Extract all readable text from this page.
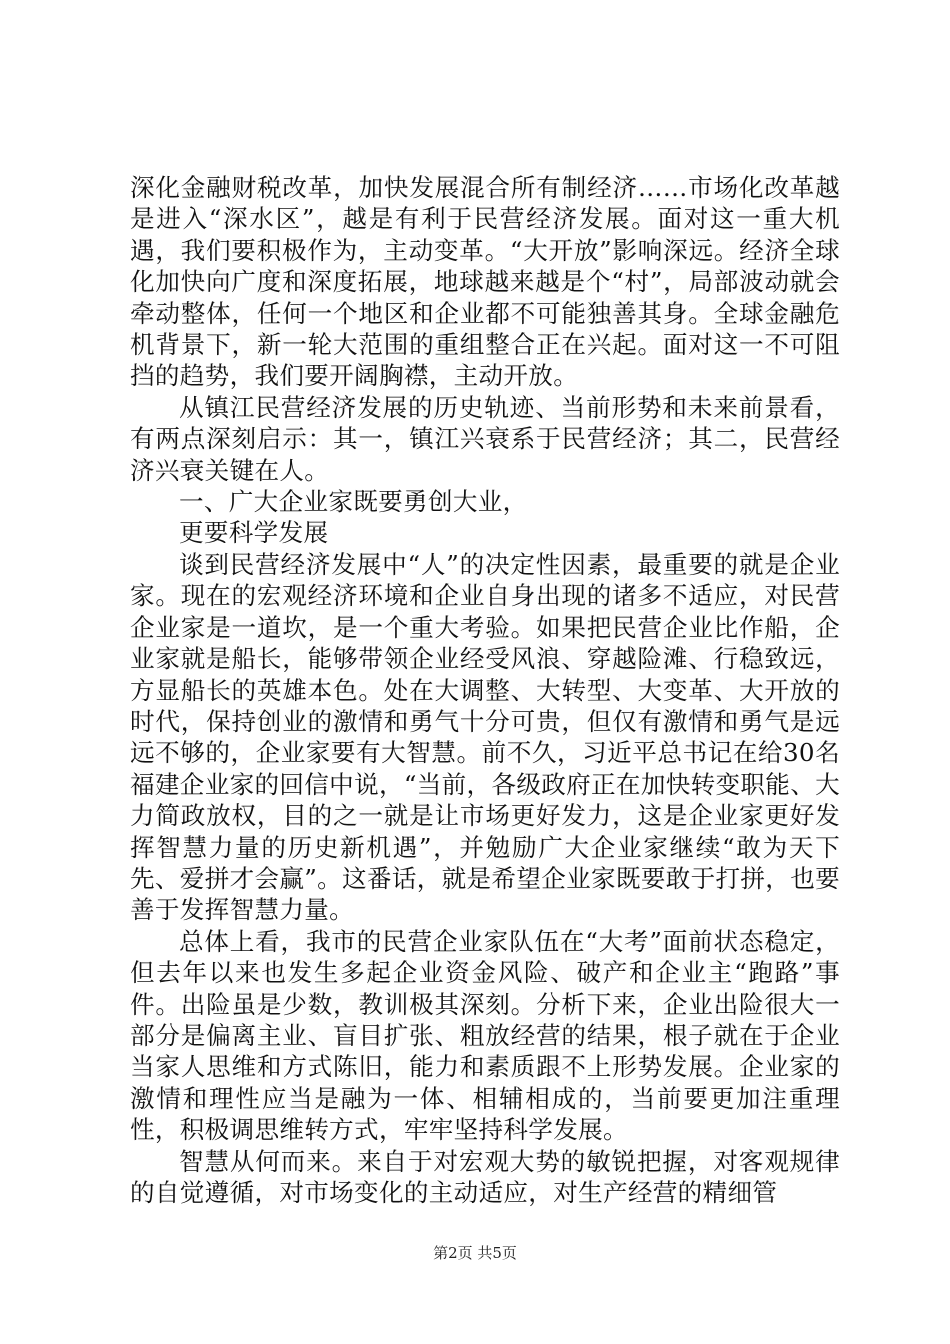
深化金融财税改革，加快发展混合所有制经济……市场化改革越是进入“深水区”，越是有利于民营经济发展。面对这一重大机遇，我们要积极作为，主动变革。“大开放”影响深远。经济全球化加快向广度和深度拓展，地球越来越是个“村”，局部波动就会牵动整体，任何一个地区和企业都不可能独善其身。全球金融危机背景下，新一轮大范围的重组整合正在兴起。面对这一不可阻挡的趋势，我们要开阔胸襟，主动开放。

从镇江民营经济发展的历史轨迹、当前形势和未来前景看，有两点深刻启示：其一，镇江兴衰系于民营经济；其二，民营经济兴衰关键在人。

一、广大企业家既要勇创大业，

更要科学发展

谈到民营经济发展中“人”的决定性因素，最重要的就是企业家。现在的宏观经济环境和企业自身出现的诸多不适应，对民营企业家是一道坎，是一个重大考验。如果把民营企业比作船，企业家就是船长，能够带领企业经受风浪、穿越险滩、行稳致远，方显船长的英雄本色。处在大调整、大转型、大变革、大开放的时代，保持创业的激情和勇气十分可贵，但仅有激情和勇气是远远不够的，企业家要有大智慧。前不久，习近平总书记在给30名福建企业家的回信中说，“当前，各级政府正在加快转变职能、大力简政放权，目的之一就是让市场更好发力，这是企业家更好发挥智慧力量的历史新机遇”，并勉励广大企业家继续“敢为天下先、爱拼才会赢”。这番话，就是希望企业家既要敢于打拼，也要善于发挥智慧力量。

总体上看，我市的民营企业家队伍在“大考”面前状态稳定，但去年以来也发生多起企业资金风险、破产和企业主“跑路”事件。出险虽是少数，教训极其深刻。分析下来，企业出险很大一部分是偏离主业、盲目扩张、粗放经营的结果，根子就在于企业当家人思维和方式陈旧，能力和素质跟不上形势发展。企业家的激情和理性应当是融为一体、相辅相成的，当前要更加注重理性，积极调思维转方式，牢牢坚持科学发展。

智慧从何而来。来自于对宏观大势的敏锐把握，对客观规律的自觉遵循，对市场变化的主动适应，对生产经营的精细管

第2页 共5页
